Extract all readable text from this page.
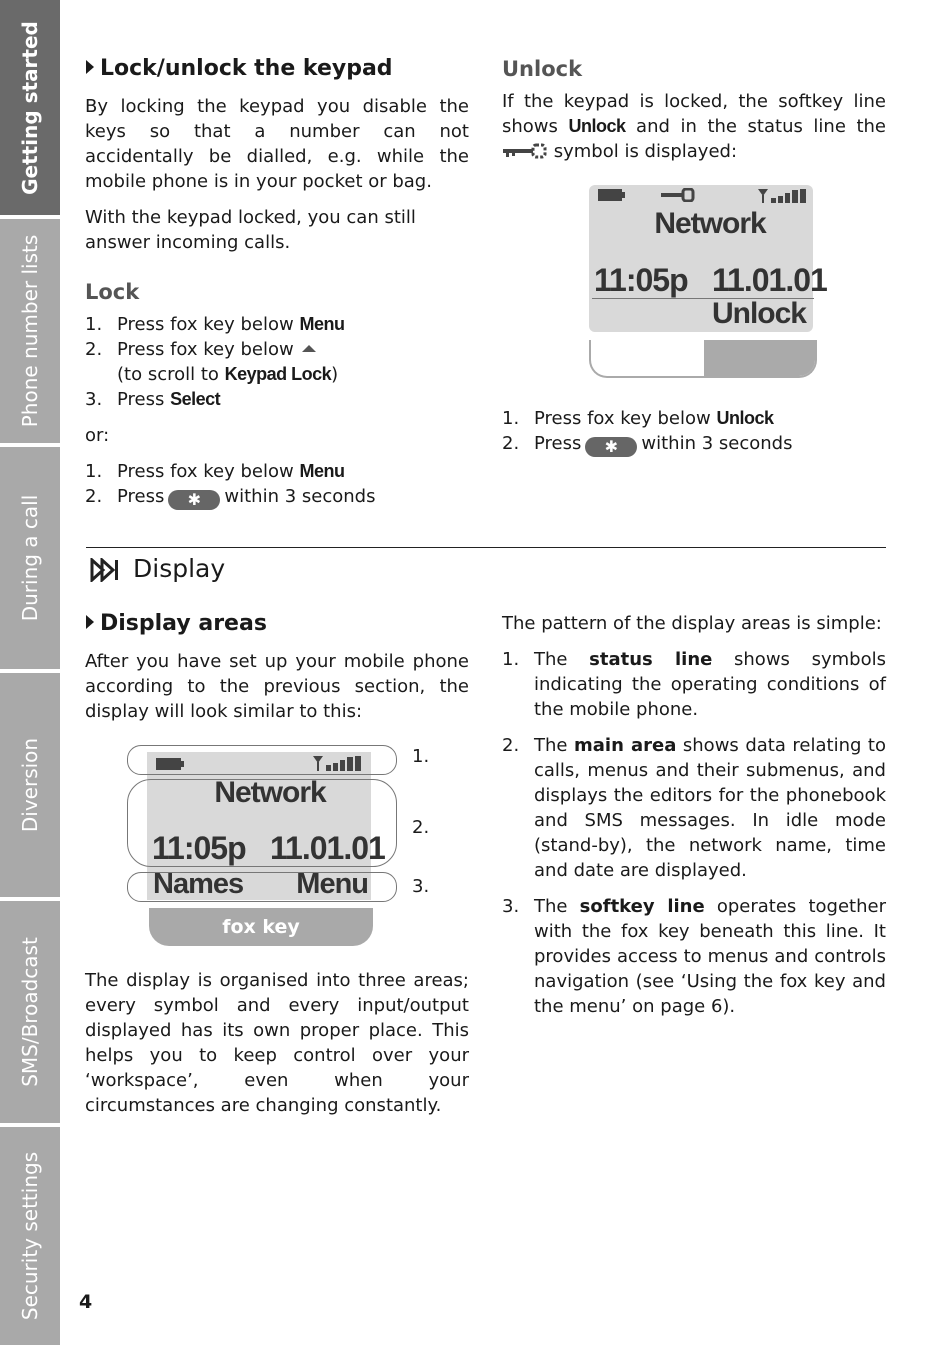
Getting started
Phone number lists
During a call
Diversion
SMS/Broadcast
Security settings
Lock/unlock the keypad
By locking the keypad you disable the keys so that a number can not accidentally be dialled, e.g. while the mobile phone is in your pocket or bag.
With the keypad locked, you can still answer incoming calls.
Lock
1. Press fox key below Menu
2. Press fox key below
(to scroll to Keypad Lock)
3. Press Select
or:
1. Press fox key below Menu
2. Press ✱ within 3 seconds
Unlock
If the keypad is locked, the softkey line shows Unlock and in the status line the  symbol is displayed:
Network
11:05p 11.01.01
Unlock
1. Press fox key below Unlock
2. Press ✱ within 3 seconds
Display
Display areas
After you have set up your mobile phone according to the previous section, the display will look similar to this:
Network
11:05p 11.01.01
Names	Menu
fox key
1.
2.
3.
The display is organised into three areas; every symbol and every input/output displayed has its own proper place. This helps you to keep control over your ‘workspace’, even when your circumstances are changing constantly.
The pattern of the display areas is simple:
1. The status line shows symbols indicating the operating conditions of the mobile phone.
2. The main area shows data relating to calls, menus and their submenus, and displays the editors for the phonebook and SMS messages. In idle mode (stand-by), the network name, time and date are displayed.
3. The softkey line operates together with the fox key beneath this line. It provides access to menus and controls navigation (see ‘Using the fox key and the menu’ on page 6).
4
